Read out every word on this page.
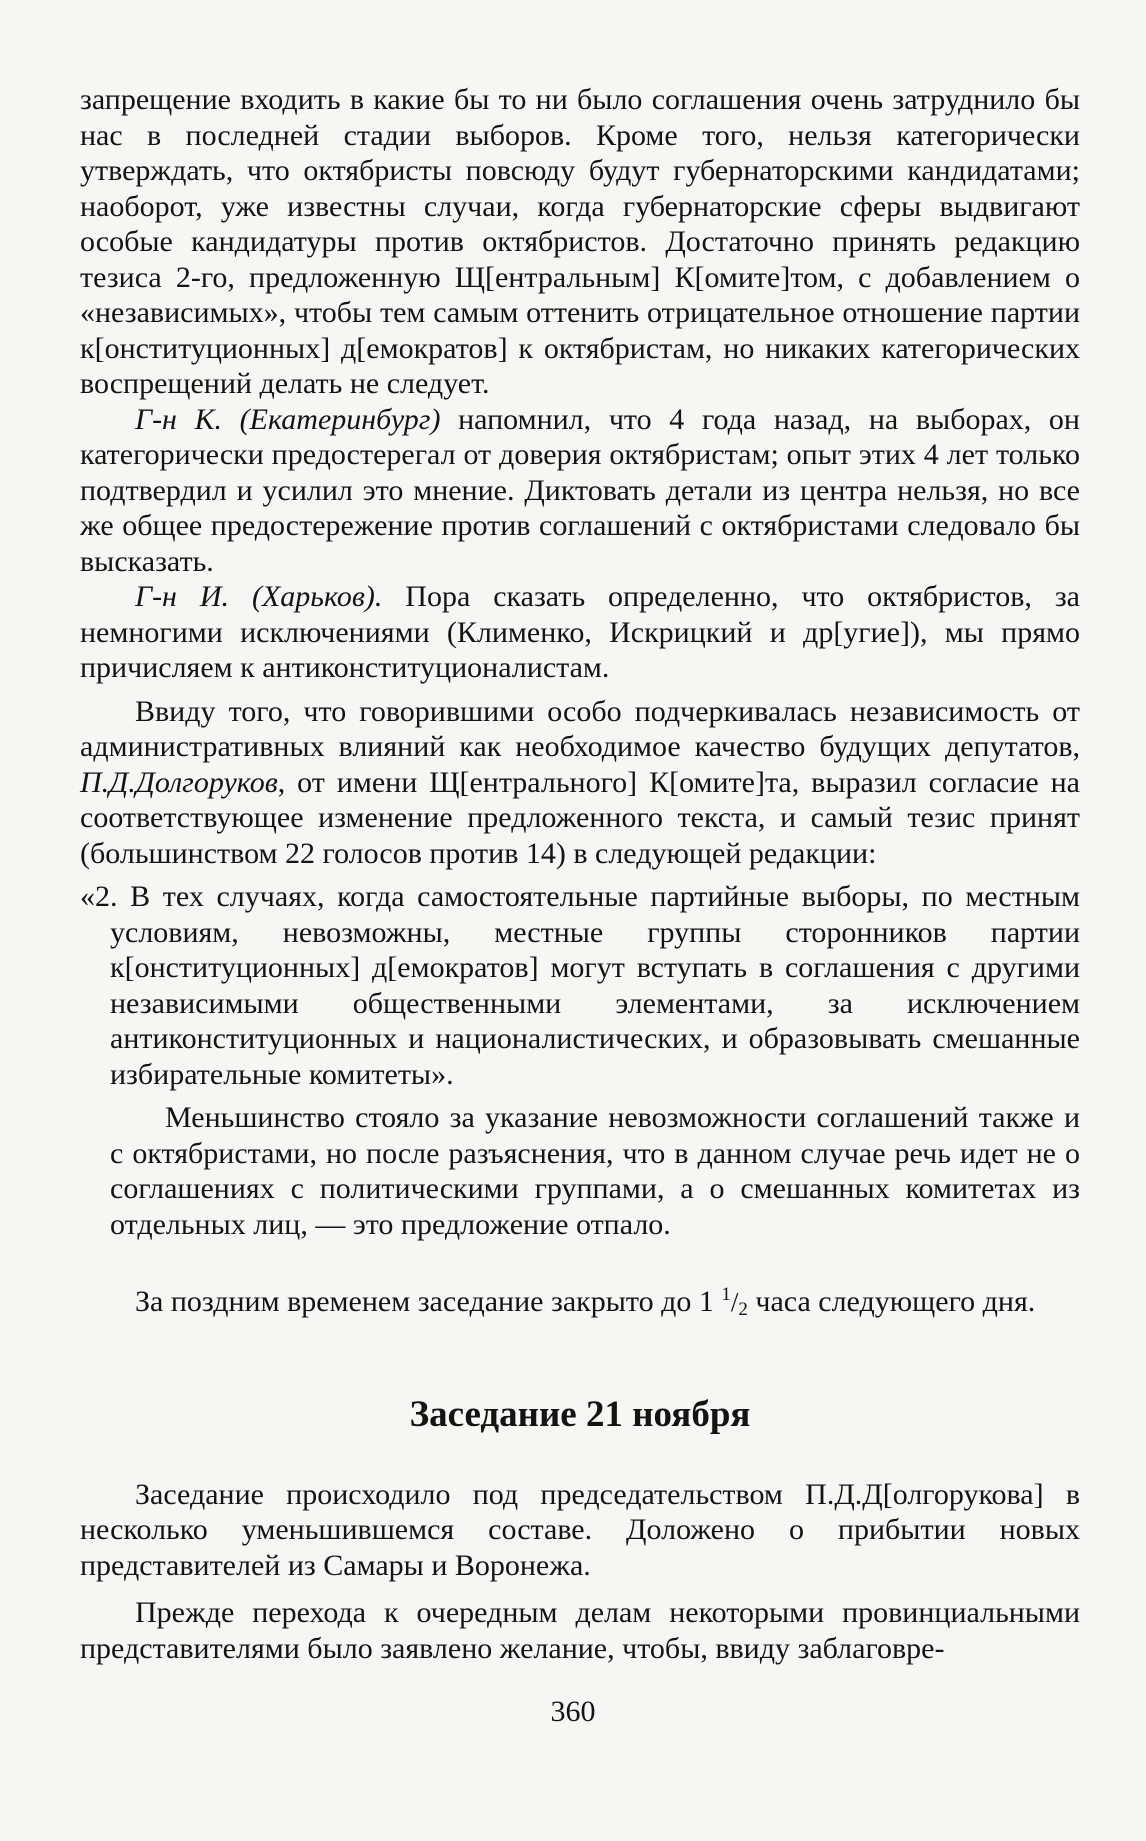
запрещение входить в какие бы то ни было соглашения очень затруднило бы нас в последней стадии выборов. Кроме того, нельзя категорически утверждать, что октябристы повсюду будут губернаторскими кандидатами; наоборот, уже известны случаи, когда губернаторские сферы выдвигают особые кандидатуры против октябристов. Достаточно принять редакцию тезиса 2-го, предложенную Щ[ентральным] К[омите]том, с добавлением о «независимых», чтобы тем самым оттенить отрицательное отношение партии к[онституционных] д[емократов] к октябристам, но никаких категорических воспрещений делать не следует.

Г-н К. (Екатеринбург) напомнил, что 4 года назад, на выборах, он категорически предостерегал от доверия октябристам; опыт этих 4 лет только подтвердил и усилил это мнение. Диктовать детали из центра нельзя, но все же общее предостережение против соглашений с октябристами следовало бы высказать.

Г-н И. (Харьков). Пора сказать определенно, что октябристов, за немногими исключениями (Клименко, Искрицкий и др[угие]), мы прямо причисляем к антиконституционалистам.

Ввиду того, что говорившими особо подчеркивалась независимость от административных влияний как необходимое качество будущих депутатов, П.Д.Долгоруков, от имени Щ[ентрального] К[омите]та, выразил согласие на соответствующее изменение предложенного текста, и самый тезис принят (большинством 22 голосов против 14) в следующей редакции:

«2. В тех случаях, когда самостоятельные партийные выборы, по местным условиям, невозможны, местные группы сторонников партии к[онституционных] д[емократов] могут вступать в соглашения с другими независимыми общественными элементами, за исключением антиконституционных и националистических, и образовывать смешанные избирательные комитеты».

Меньшинство стояло за указание невозможности соглашений также и с октябристами, но после разъяснения, что в данном случае речь идет не о соглашениях с политическими группами, а о смешанных комитетах из отдельных лиц, — это предложение отпало.

За поздним временем заседание закрыто до 1 $^1/_2$ часа следующего дня.

Заседание 21 ноября

Заседание происходило под председательством П.Д.Д[олгорукова] в несколько уменьшившемся составе. Доложено о прибытии новых представителей из Самары и Воронежа.

Прежде перехода к очередным делам некоторыми провинциальными представителями было заявлено желание, чтобы, ввиду заблаговре-

360
